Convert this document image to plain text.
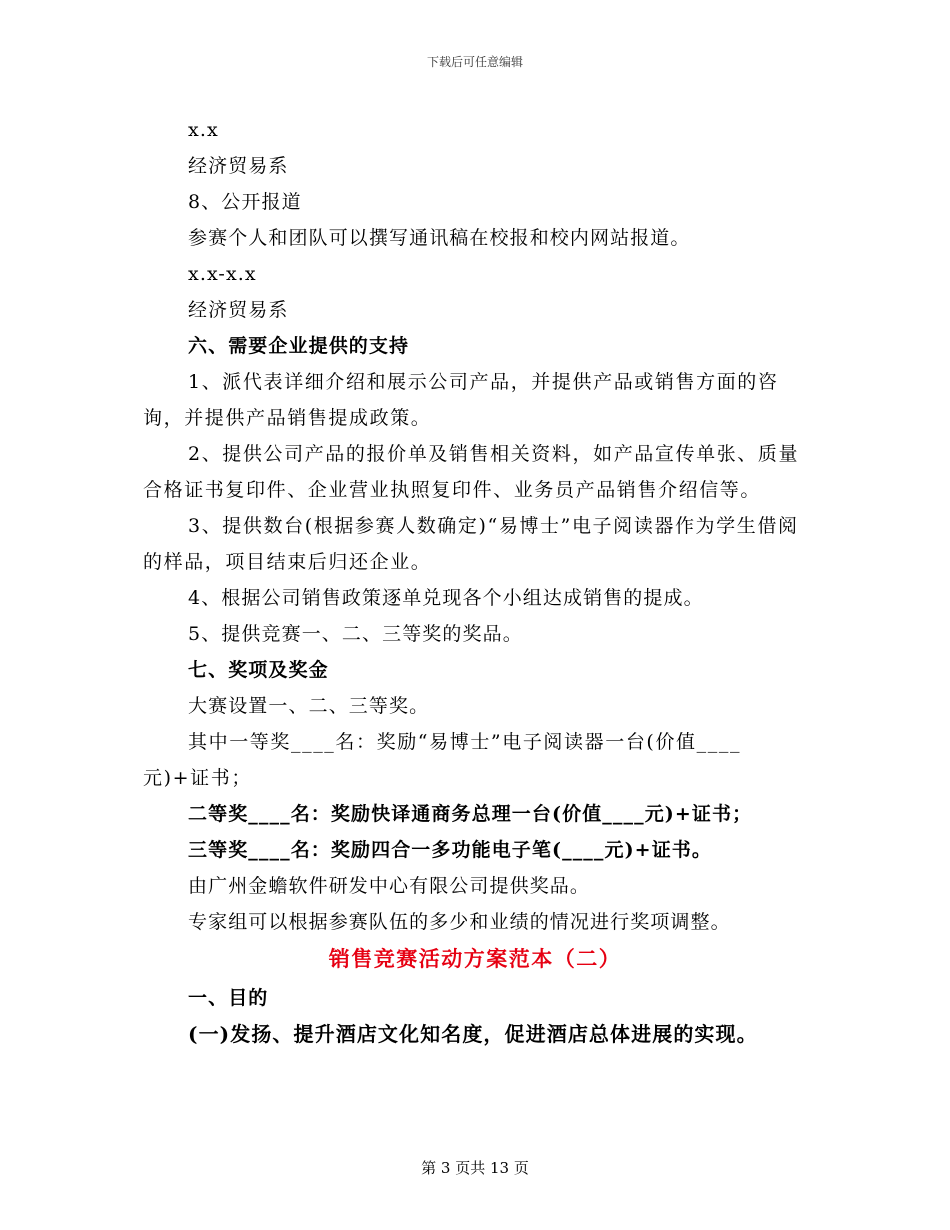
下载后可任意编辑
x.x
经济贸易系
8、公开报道
参赛个人和团队可以撰写通讯稿在校报和校内网站报道。
x.x-x.x
经济贸易系
六、需要企业提供的支持
1、派代表详细介绍和展示公司产品，并提供产品或销售方面的咨询，并提供产品销售提成政策。
2、提供公司产品的报价单及销售相关资料，如产品宣传单张、质量合格证书复印件、企业营业执照复印件、业务员产品销售介绍信等。
3、提供数台(根据参赛人数确定)“易博士”电子阅读器作为学生借阅的样品，项目结束后归还企业。
4、根据公司销售政策逐单兑现各个小组达成销售的提成。
5、提供竞赛一、二、三等奖的奖品。
七、奖项及奖金
大赛设置一、二、三等奖。
其中一等奖____名：奖励“易博士”电子阅读器一台(价值____元)+证书；
二等奖____名：奖励快译通商务总理一台(价值____元)+证书；
三等奖____名：奖励四合一多功能电子笔(____元)+证书。
由广州金蟾软件研发中心有限公司提供奖品。
专家组可以根据参赛队伍的多少和业绩的情况进行奖项调整。
销售竞赛活动方案范本（二）
一、目的
(一)发扬、提升酒店文化知名度，促进酒店总体进展的实现。
第 3 页共 13 页
